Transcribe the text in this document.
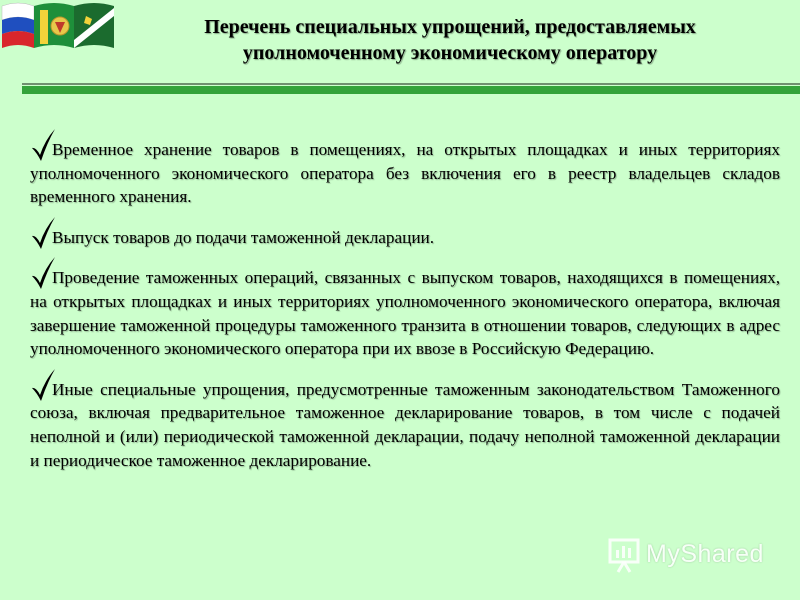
Перечень специальных упрощений, предоставляемых
уполномоченному экономическому оператору
Временное хранение товаров в помещениях, на открытых площадках и иных территориях уполномоченного экономического оператора без включения его в реестр владельцев складов временного хранения.
Выпуск товаров до подачи таможенной декларации.
Проведение таможенных операций, связанных с выпуском товаров, находящихся в помещениях, на открытых площадках и иных территориях уполномоченного экономического оператора, включая завершение таможенной процедуры таможенного транзита в отношении товаров, следующих в адрес уполномоченного экономического оператора при их ввозе в Российскую Федерацию.
Иные специальные упрощения, предусмотренные таможенным законодательством Таможенного союза, включая предварительное таможенное декларирование товаров, в том числе с подачей неполной и (или) периодической таможенной декларации, подачу неполной таможенной декларации и периодическое таможенное декларирование.
MyShared
